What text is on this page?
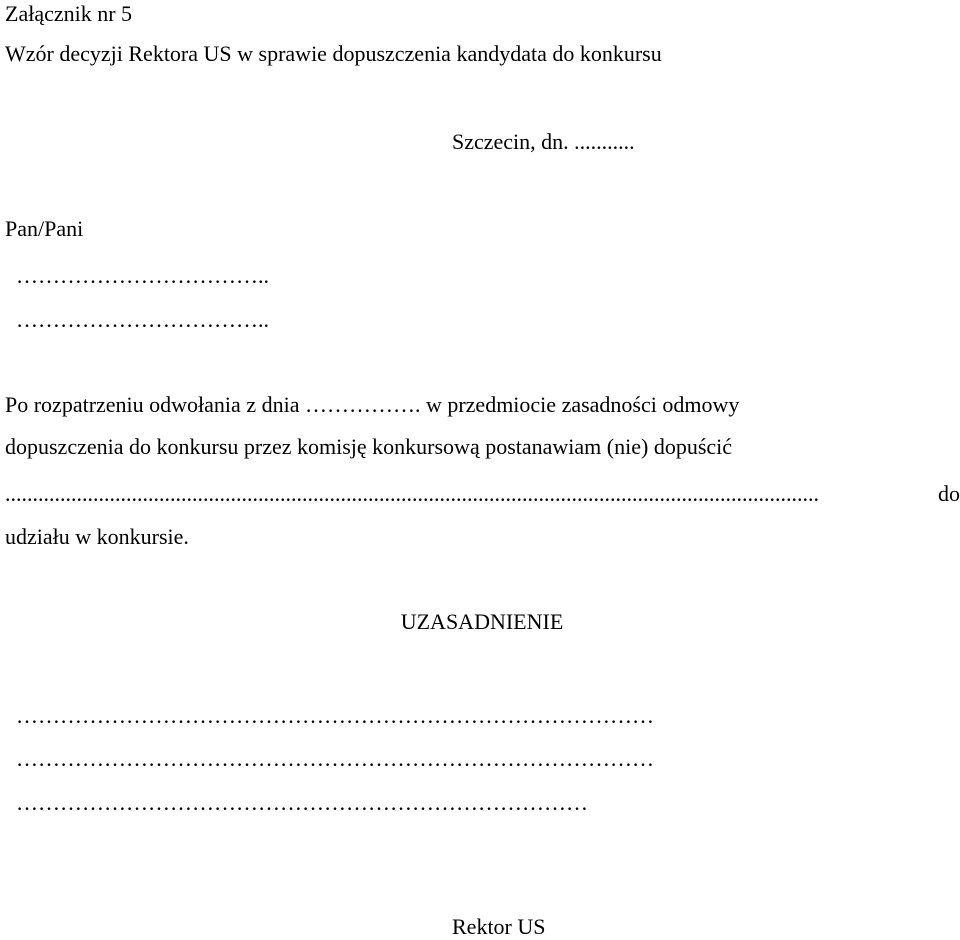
Załącznik nr 5
Wzór decyzji Rektora US w sprawie dopuszczenia kandydata do konkursu
Szczecin, dn. ...........
Pan/Pani
……………………………..
……………………………..
Po rozpatrzeniu odwołania z dnia ……………. w przedmiocie zasadności odmowy
dopuszczenia do konkursu przez komisję konkursową postanawiam (nie) dopuścić
....................................................................................................................................................	do
udziału w konkursie.
UZASADNIENIE
……………………………………………………………………………
……………………………………………………………………………
……………………………………………………………………
Rektor US
